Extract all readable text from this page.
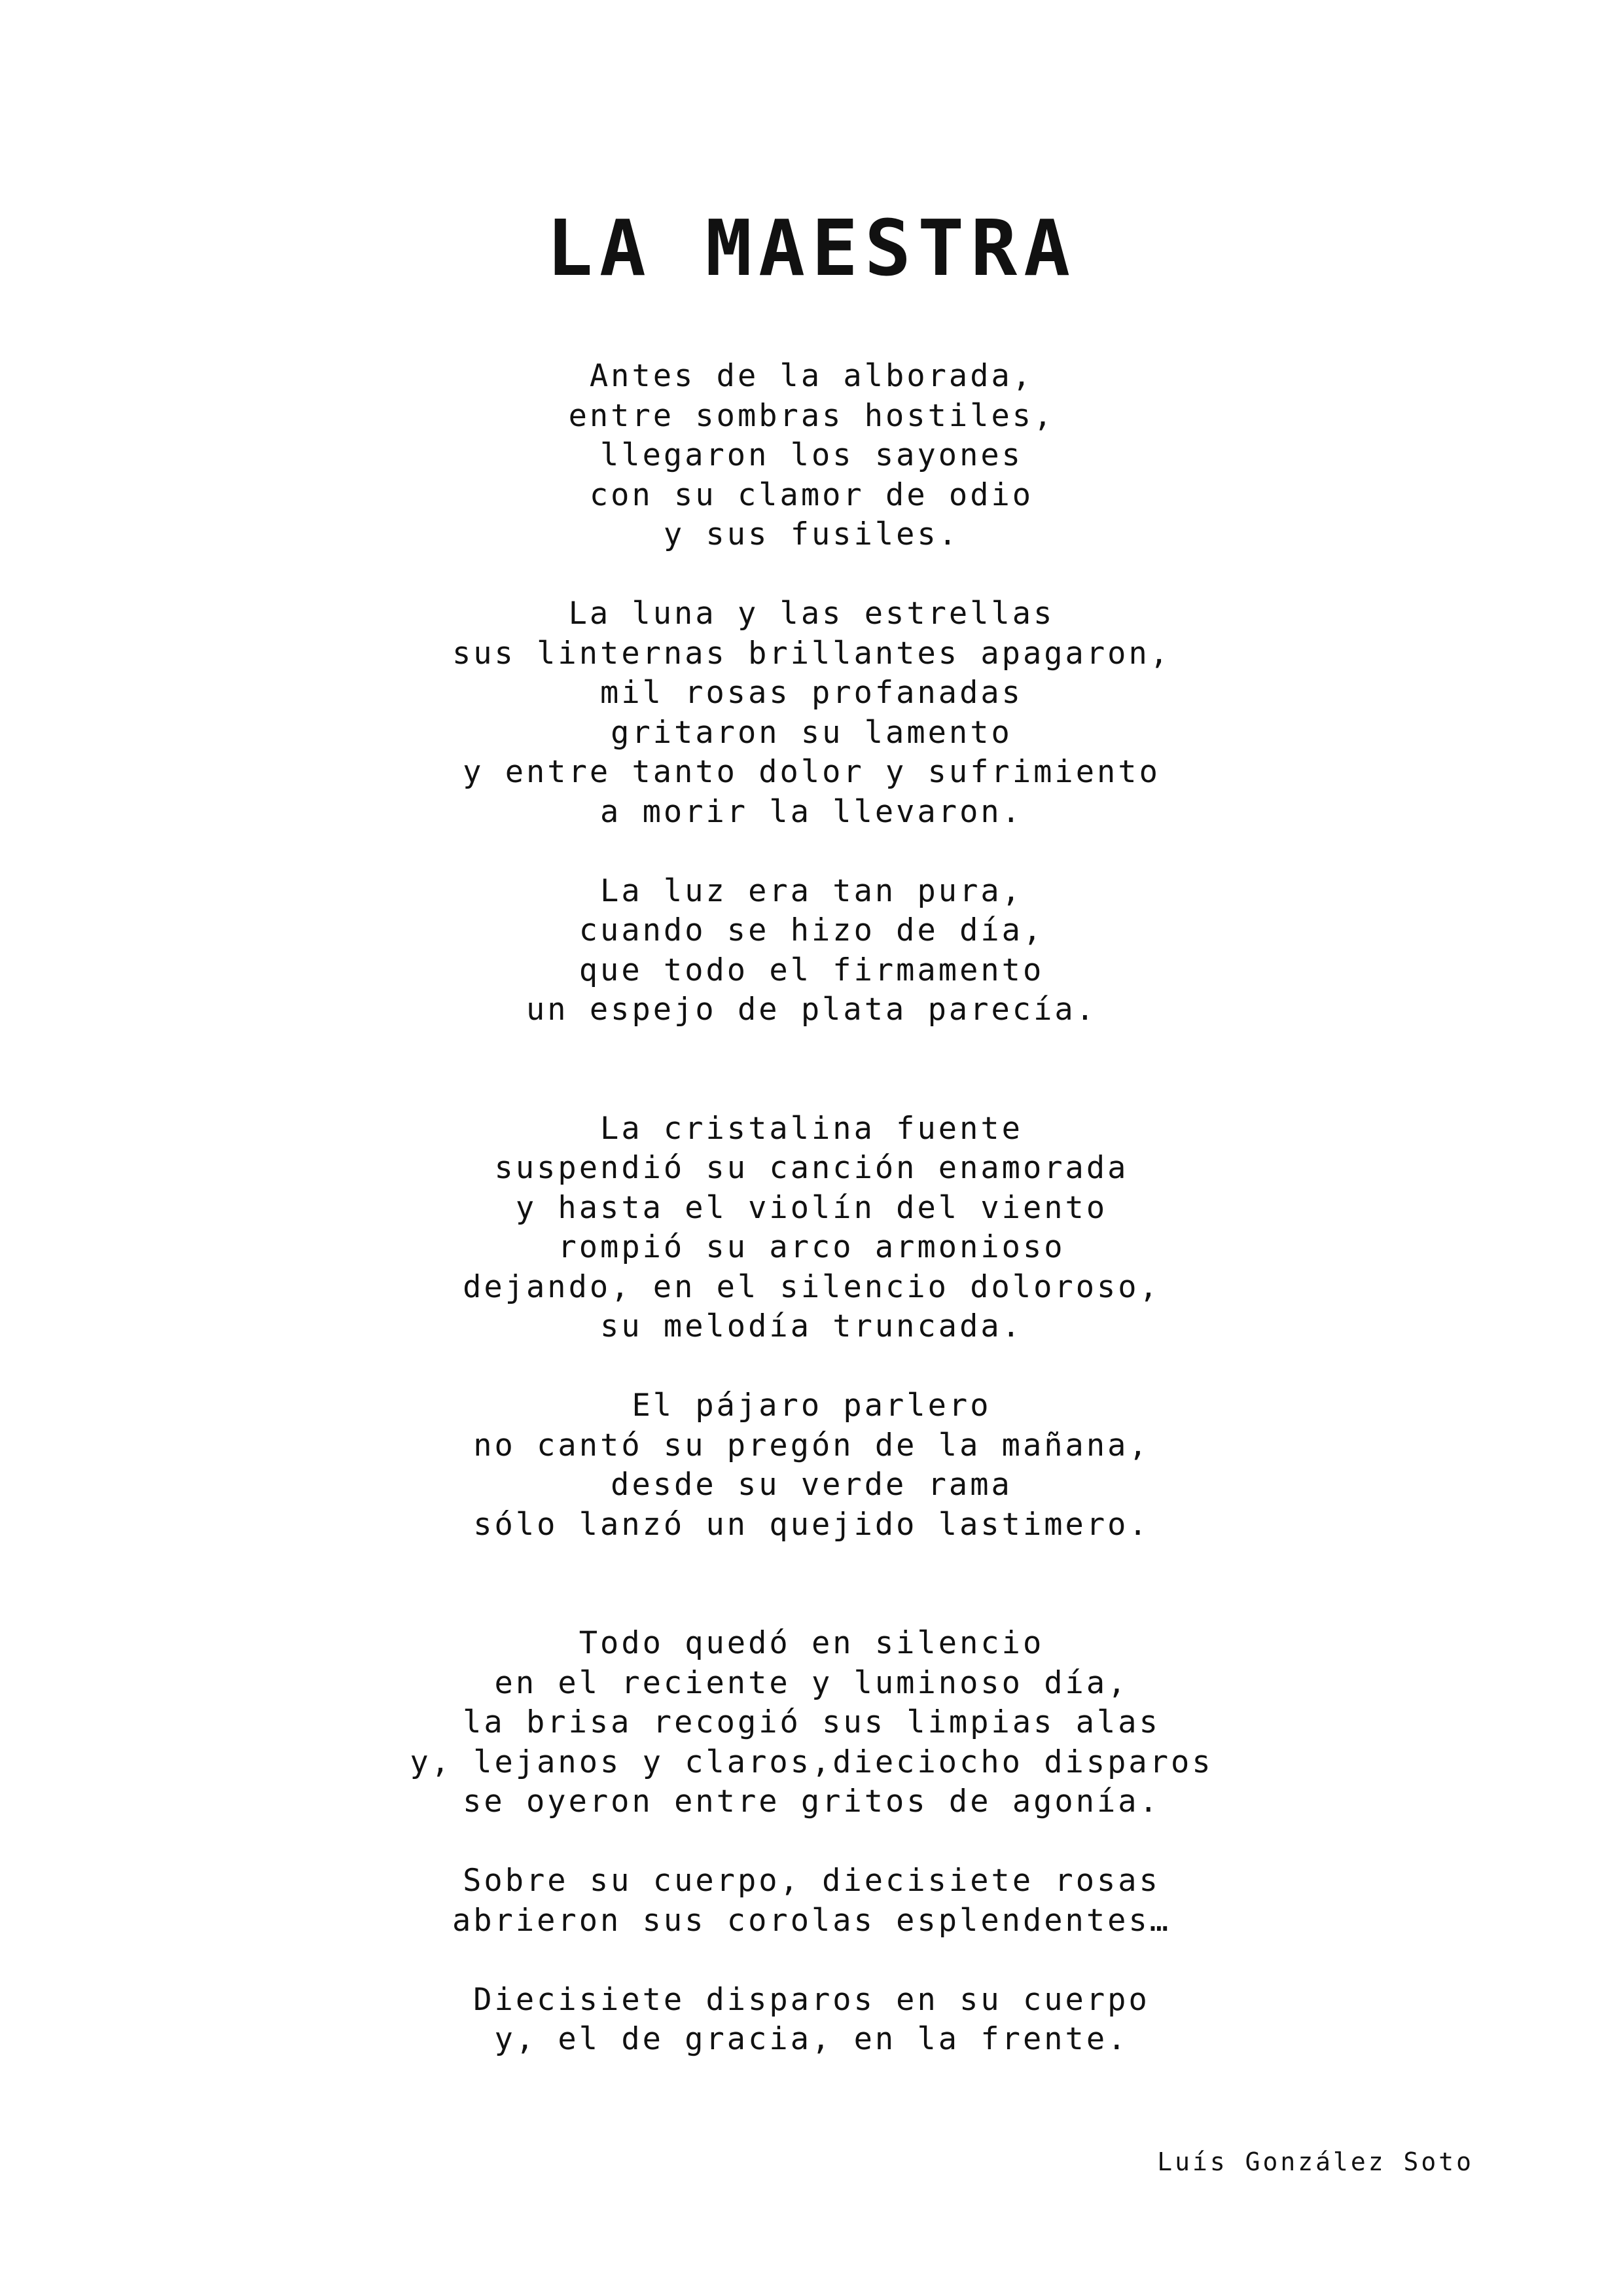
LA MAESTRA
Antes de la alborada,
entre sombras hostiles,
llegaron los sayones
con su clamor de odio
y sus fusiles.
La luna y las estrellas
sus linternas brillantes apagaron,
mil rosas profanadas
gritaron su lamento
y entre tanto dolor y sufrimiento
a morir la llevaron.
La luz era tan pura,
cuando se hizo de día,
que todo el firmamento
un espejo de plata parecía.
La cristalina fuente
suspendió su canción enamorada
y hasta el violín del viento
rompió su arco armonioso
dejando, en el silencio doloroso,
su melodía truncada.
El pájaro parlero
no cantó su pregón de la mañana,
desde su verde rama
sólo lanzó un quejido lastimero.
Todo quedó en silencio
en el reciente y luminoso día,
la brisa recogió sus limpias alas
y, lejanos y claros,dieciocho disparos
se oyeron entre gritos de agonía.
Sobre su cuerpo, diecisiete rosas
abrieron sus corolas esplendentes…
Diecisiete disparos en su cuerpo
y, el de gracia, en la frente.
Luís González Soto
